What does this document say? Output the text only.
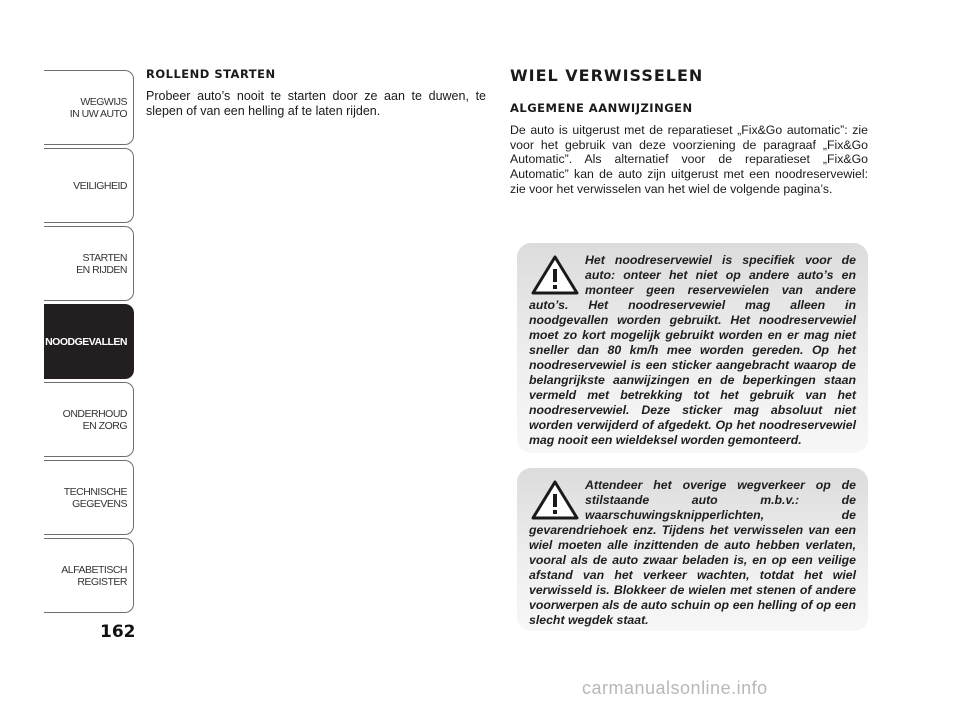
WEGWIJS
IN UW AUTO
VEILIGHEID
STARTEN
EN RIJDEN
NOODGEVALLEN
ONDERHOUD
EN ZORG
TECHNISCHE
GEGEVENS
ALFABETISCH
REGISTER
162
ROLLEND STARTEN

Probeer auto’s nooit te starten door ze aan te duwen, te slepen of van een helling af te laten rijden.

WIEL VERWISSELEN
ALGEMENE AANWIJZINGEN

De auto is uitgerust met de reparatieset „Fix&Go automatic”: zie voor het gebruik van deze voorziening de paragraaf „Fix&Go Automatic”. Als alternatief voor de reparatieset „Fix&Go Automatic” kan de auto zijn uitgerust met een noodreservewiel: zie voor het verwisselen van het wiel de volgende pagina’s.

Het noodreservewiel is specifiek voor de auto: onteer het niet op andere auto’s en monteer geen reservewielen van andere auto’s. Het noodreservewiel mag alleen in noodgevallen worden gebruikt. Het noodreservewiel moet zo kort mogelijk gebruikt worden en er mag niet sneller dan 80 km/h mee worden gereden. Op het noodreservewiel is een sticker aangebracht waarop de belangrijkste aanwijzingen en de beperkingen staan vermeld met betrekking tot het gebruik van het noodreservewiel. Deze sticker mag absoluut niet worden verwijderd of afgedekt. Op het noodreservewiel mag nooit een wieldeksel worden gemonteerd.
Attendeer het overige wegverkeer op de stilstaande auto m.b.v.: de waarschuwingsknipperlichten, de gevarendriehoek enz. Tijdens het verwisselen van een wiel moeten alle inzittenden de auto hebben verlaten, vooral als de auto zwaar beladen is, en op een veilige afstand van het verkeer wachten, totdat het wiel verwisseld is. Blokkeer de wielen met stenen of andere voorwerpen als de auto schuin op een helling of op een slecht wegdek staat.
carmanualsonline.info
